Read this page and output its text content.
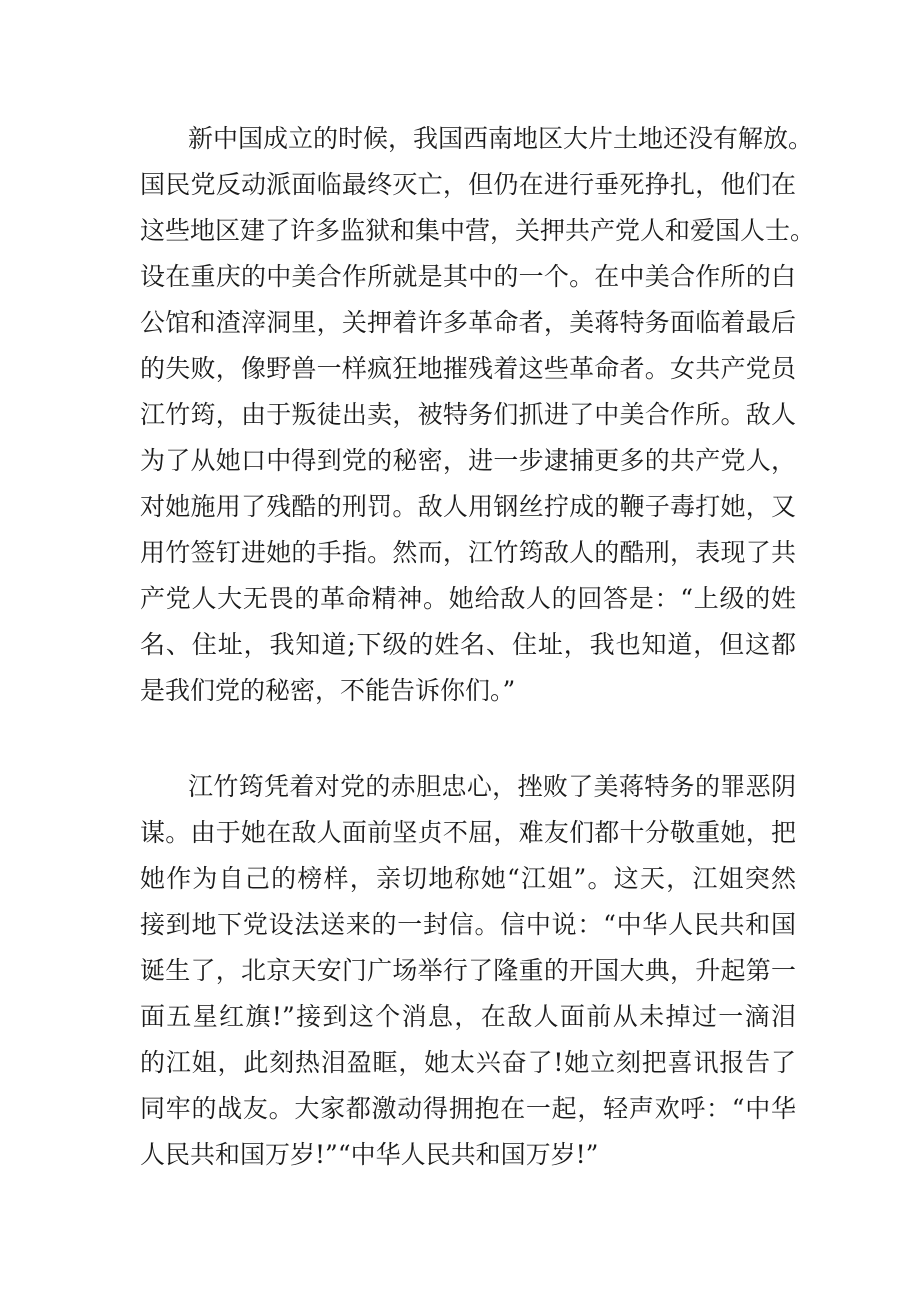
新中国成立的时候，我国西南地区大片土地还没有解放。
国民党反动派面临最终灭亡，但仍在进行垂死挣扎，他们在
这些地区建了许多监狱和集中营，关押共产党人和爱国人士。
设在重庆的中美合作所就是其中的一个。在中美合作所的白
公馆和渣滓洞里，关押着许多革命者，美蒋特务面临着最后
的失败，像野兽一样疯狂地摧残着这些革命者。女共产党员
江竹筠，由于叛徒出卖，被特务们抓进了中美合作所。敌人
为了从她口中得到党的秘密，进一步逮捕更多的共产党人，
对她施用了残酷的刑罚。敌人用钢丝拧成的鞭子毒打她，又
用竹签钉进她的手指。然而，江竹筠敌人的酷刑，表现了共
产党人大无畏的革命精神。她给敌人的回答是：“上级的姓
名、住址，我知道;下级的姓名、住址，我也知道，但这都
是我们党的秘密，不能告诉你们。”
江竹筠凭着对党的赤胆忠心，挫败了美蒋特务的罪恶阴
谋。由于她在敌人面前坚贞不屈，难友们都十分敬重她，把
她作为自己的榜样，亲切地称她“江姐”。这天，江姐突然
接到地下党设法送来的一封信。信中说：“中华人民共和国
诞生了，北京天安门广场举行了隆重的开国大典，升起第一
面五星红旗!”接到这个消息，在敌人面前从未掉过一滴泪
的江姐，此刻热泪盈眶，她太兴奋了!她立刻把喜讯报告了
同牢的战友。大家都激动得拥抱在一起，轻声欢呼：“中华
人民共和国万岁!”“中华人民共和国万岁!”
